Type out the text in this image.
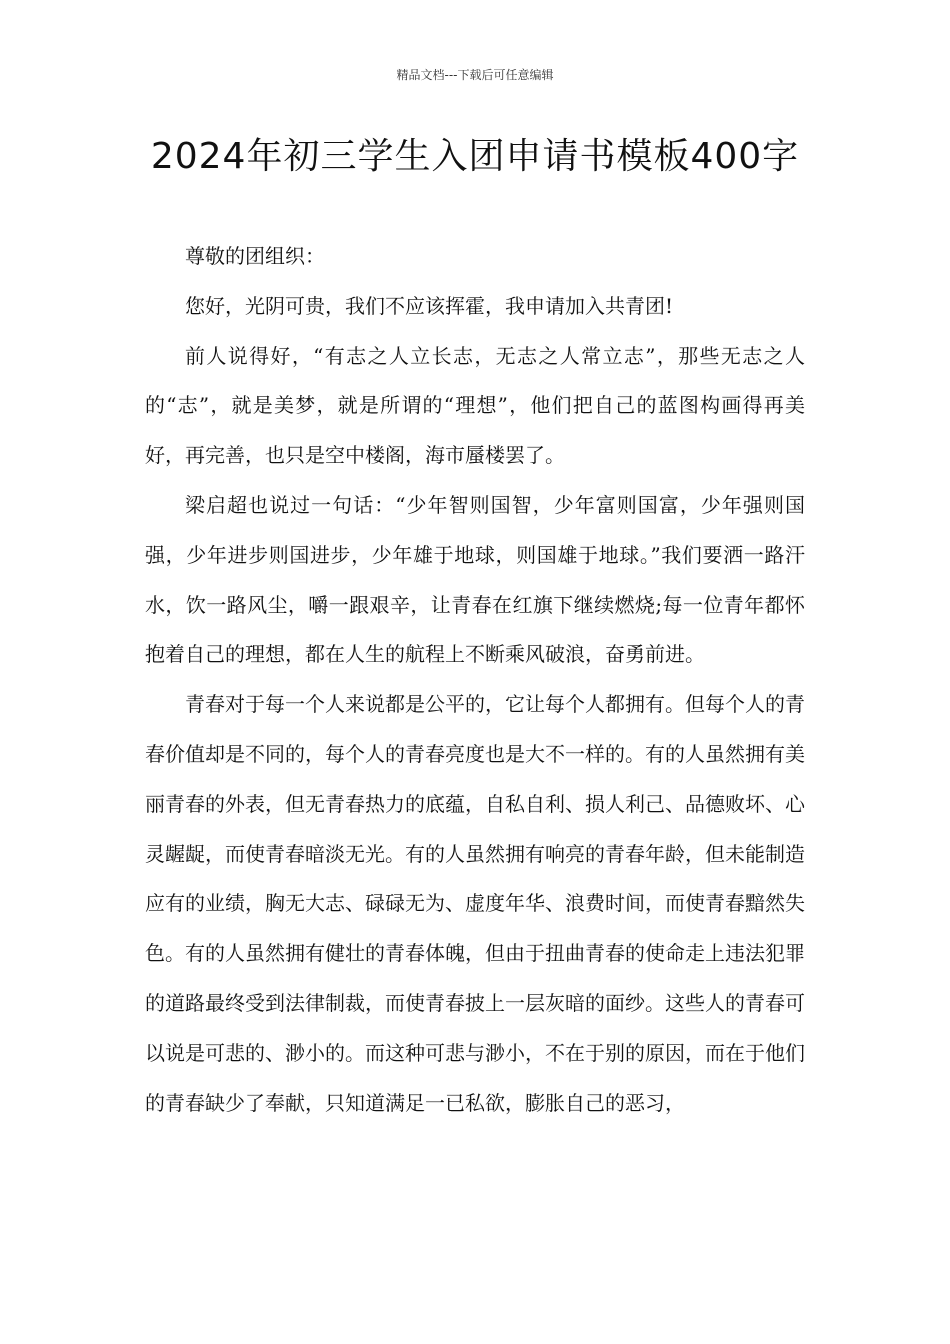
精品文档---下载后可任意编辑
2024年初三学生入团申请书模板400字

尊敬的团组织：

您好，光阴可贵，我们不应该挥霍，我申请加入共青团!

前人说得好，“有志之人立长志，无志之人常立志”，那些无志之人的“志”，就是美梦，就是所谓的“理想”，他们把自己的蓝图构画得再美好，再完善，也只是空中楼阁，海市蜃楼罢了。

梁启超也说过一句话：“少年智则国智，少年富则国富，少年强则国强，少年进步则国进步，少年雄于地球，则国雄于地球。”我们要洒一路汗水，饮一路风尘，嚼一跟艰辛，让青春在红旗下继续燃烧;每一位青年都怀抱着自己的理想，都在人生的航程上不断乘风破浪，奋勇前进。

青春对于每一个人来说都是公平的，它让每个人都拥有。但每个人的青春价值却是不同的，每个人的青春亮度也是大不一样的。有的人虽然拥有美丽青春的外表，但无青春热力的底蕴，自私自利、损人利己、品德败坏、心灵龌龊，而使青春暗淡无光。有的人虽然拥有响亮的青春年龄，但未能制造应有的业绩，胸无大志、碌碌无为、虚度年华、浪费时间，而使青春黯然失色。有的人虽然拥有健壮的青春体魄，但由于扭曲青春的使命走上违法犯罪的道路最终受到法律制裁，而使青春披上一层灰暗的面纱。这些人的青春可以说是可悲的、渺小的。而这种可悲与渺小，不在于别的原因，而在于他们的青春缺少了奉献，只知道满足一已私欲，膨胀自己的恶习，
